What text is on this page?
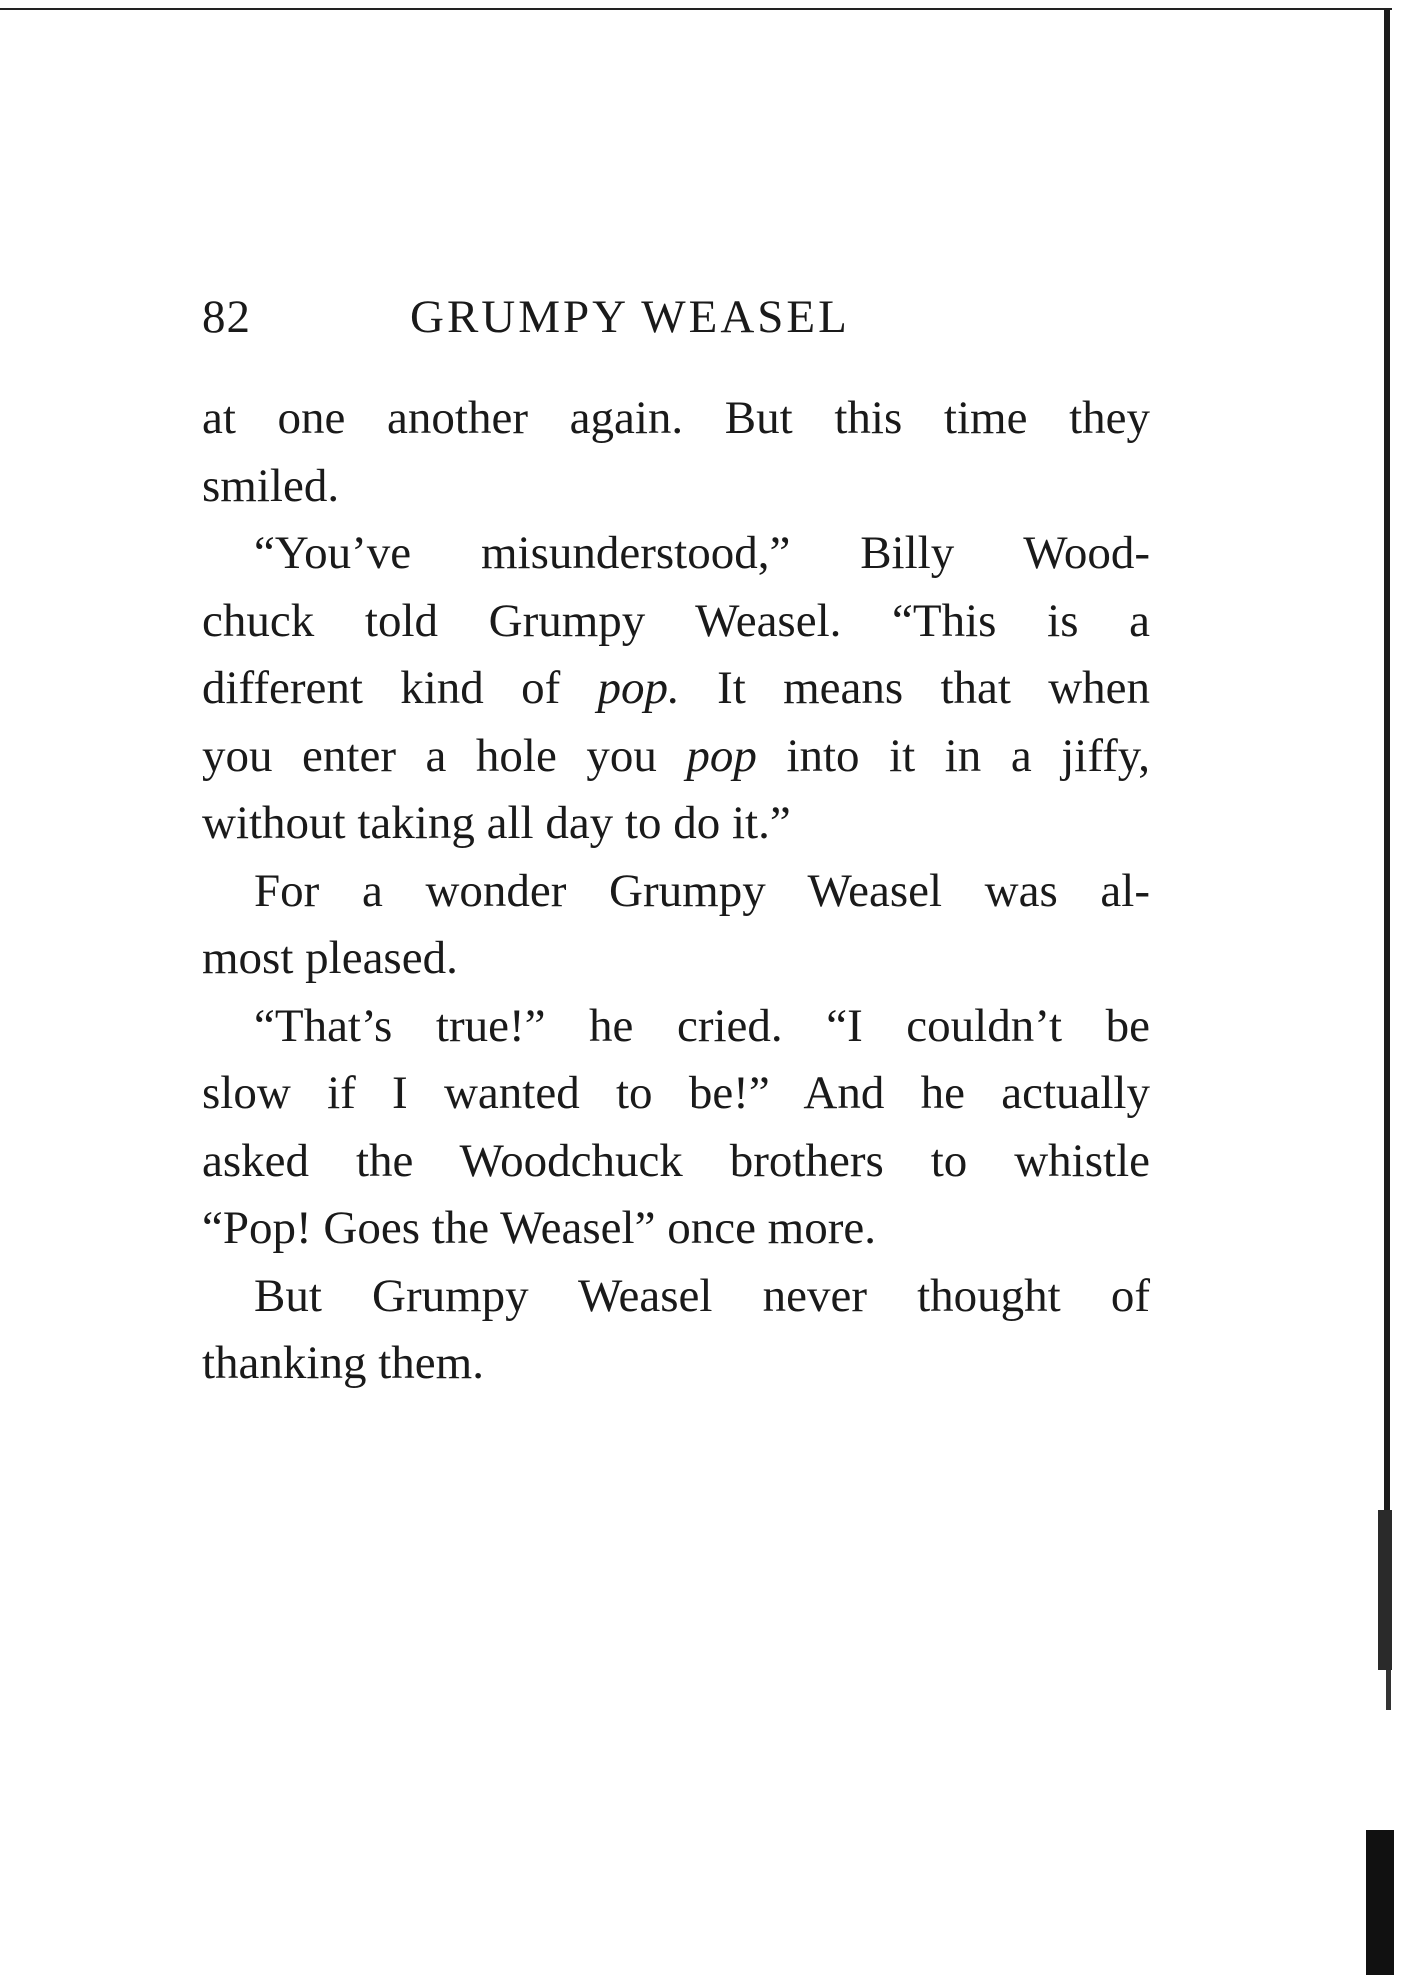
82	GRUMPY WEASEL
at one another again. But this time they
smiled.
“You’ve misunderstood,” Billy Wood-
chuck told Grumpy Weasel. “This is a
different kind of pop. It means that when
you enter a hole you pop into it in a jiffy,
without taking all day to do it.”
For a wonder Grumpy Weasel was al-
most pleased.
“That’s true!” he cried. “I couldn’t be
slow if I wanted to be!” And he actually
asked the Woodchuck brothers to whistle
“Pop! Goes the Weasel” once more.
But Grumpy Weasel never thought of
thanking them.
